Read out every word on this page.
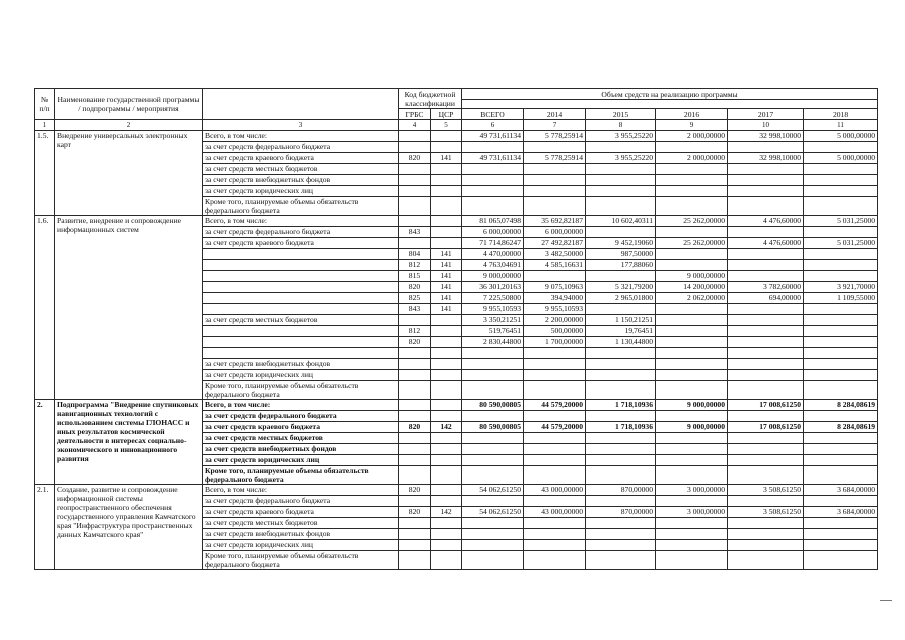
№ п/п	Наименование государственной программы / подпрограммы / мероприятия		Код бюджетной классификации		Объем средств на реализацию программы					

			ГРБС	ЦСР	ВСЕГО	2014	2015	2016	2017	2018
1	2	3	4	5	6	7	8	9	10	11
1.5.	Внедрение универсальных электронных карт	Всего, в том числе:			49 731,61134	5 778,25914	3 955,25220	2 000,00000	32 998,10000	5 000,00000
		за счет средств федерального бюджета								
		за счет средств краевого бюджета	820	141	49 731,61134	5 778,25914	3 955,25220	2 000,00000	32 998,10000	5 000,00000
		за счет средств местных бюджетов								
		за счет средств внебюджетных фондов								
		за счет средств юридических лиц								
		Кроме того, планируемые объемы обязательств федерального бюджета								

1.6.	Развитие, внедрение и сопровождение информационных систем	Всего, в том числе:			81 065,07498	35 692,82187	10 602,40311	25 262,00000	4 476,60000	5 031,25000
		за счет средств федерального бюджета	843		6 000,00000	6 000,00000				
		за счет средств краевого бюджета			71 714,86247	27 492,82187	9 452,19060	25 262,00000	4 476,60000	5 031,25000
			804	141	4 470,00000	3 482,50000	987,50000			
			812	141	4 763,04691	4 585,16631	177,88060			
			815	141	9 000,00000			9 000,00000		
			820	141	36 301,20163	9 075,10963	5 321,79200	14 200,00000	3 782,60000	3 921,70000
			825	141	7 225,50800	394,94000	2 965,01800	2 062,00000	694,00000	1 109,55000
			843	141	9 955,10593	9 955,10593				
		за счет средств местных бюджетов			3 350,21251	2 200,00000	1 150,21251			
			812		519,76451	500,00000	19,76451			
			820		2 830,44800	1 700,00000	1 130,44800			

		за счет средств внебюджетных фондов								
		за счет средств юридических лиц								
		Кроме того, планируемые объемы обязательств федерального бюджета								

2.	Подпрограмма "Внедрение спутниковых навигационных технологий с использованием системы ГЛОНАСС и иных результатов космической деятельности в интересах социально-экономического и инновационного развития	Всего, в том числе:			80 590,00805	44 579,20000	1 718,10936	9 000,00000	17 008,61250	8 284,08619
		за счет средств федерального бюджета								
		за счет средств краевого бюджета	820	142	80 590,00805	44 579,20000	1 718,10936	9 000,00000	17 008,61250	8 284,08619
		за счет средств местных бюджетов								
		за счет средств внебюджетных фондов								
		за счет средств юридических лиц								
		Кроме того, планируемые объемы обязательств федерального бюджета								

2.1.	Создание, развитие и сопровождение информационной системы геопространственного обеспечения государственного управления Камчатского края "Инфраструктура пространственных данных Камчатского края"	Всего, в том числе:	820		54 062,61250	43 000,00000	870,00000	3 000,00000	3 508,61250	3 684,00000
		за счет средств федерального бюджета								
		за счет средств краевого бюджета	820	142	54 062,61250	43 000,00000	870,00000	3 000,00000	3 508,61250	3 684,00000
		за счет средств местных бюджетов								
		за счет средств внебюджетных фондов								
		за счет средств юридических лиц								
		Кроме того, планируемые объемы обязательств федерального бюджета								
